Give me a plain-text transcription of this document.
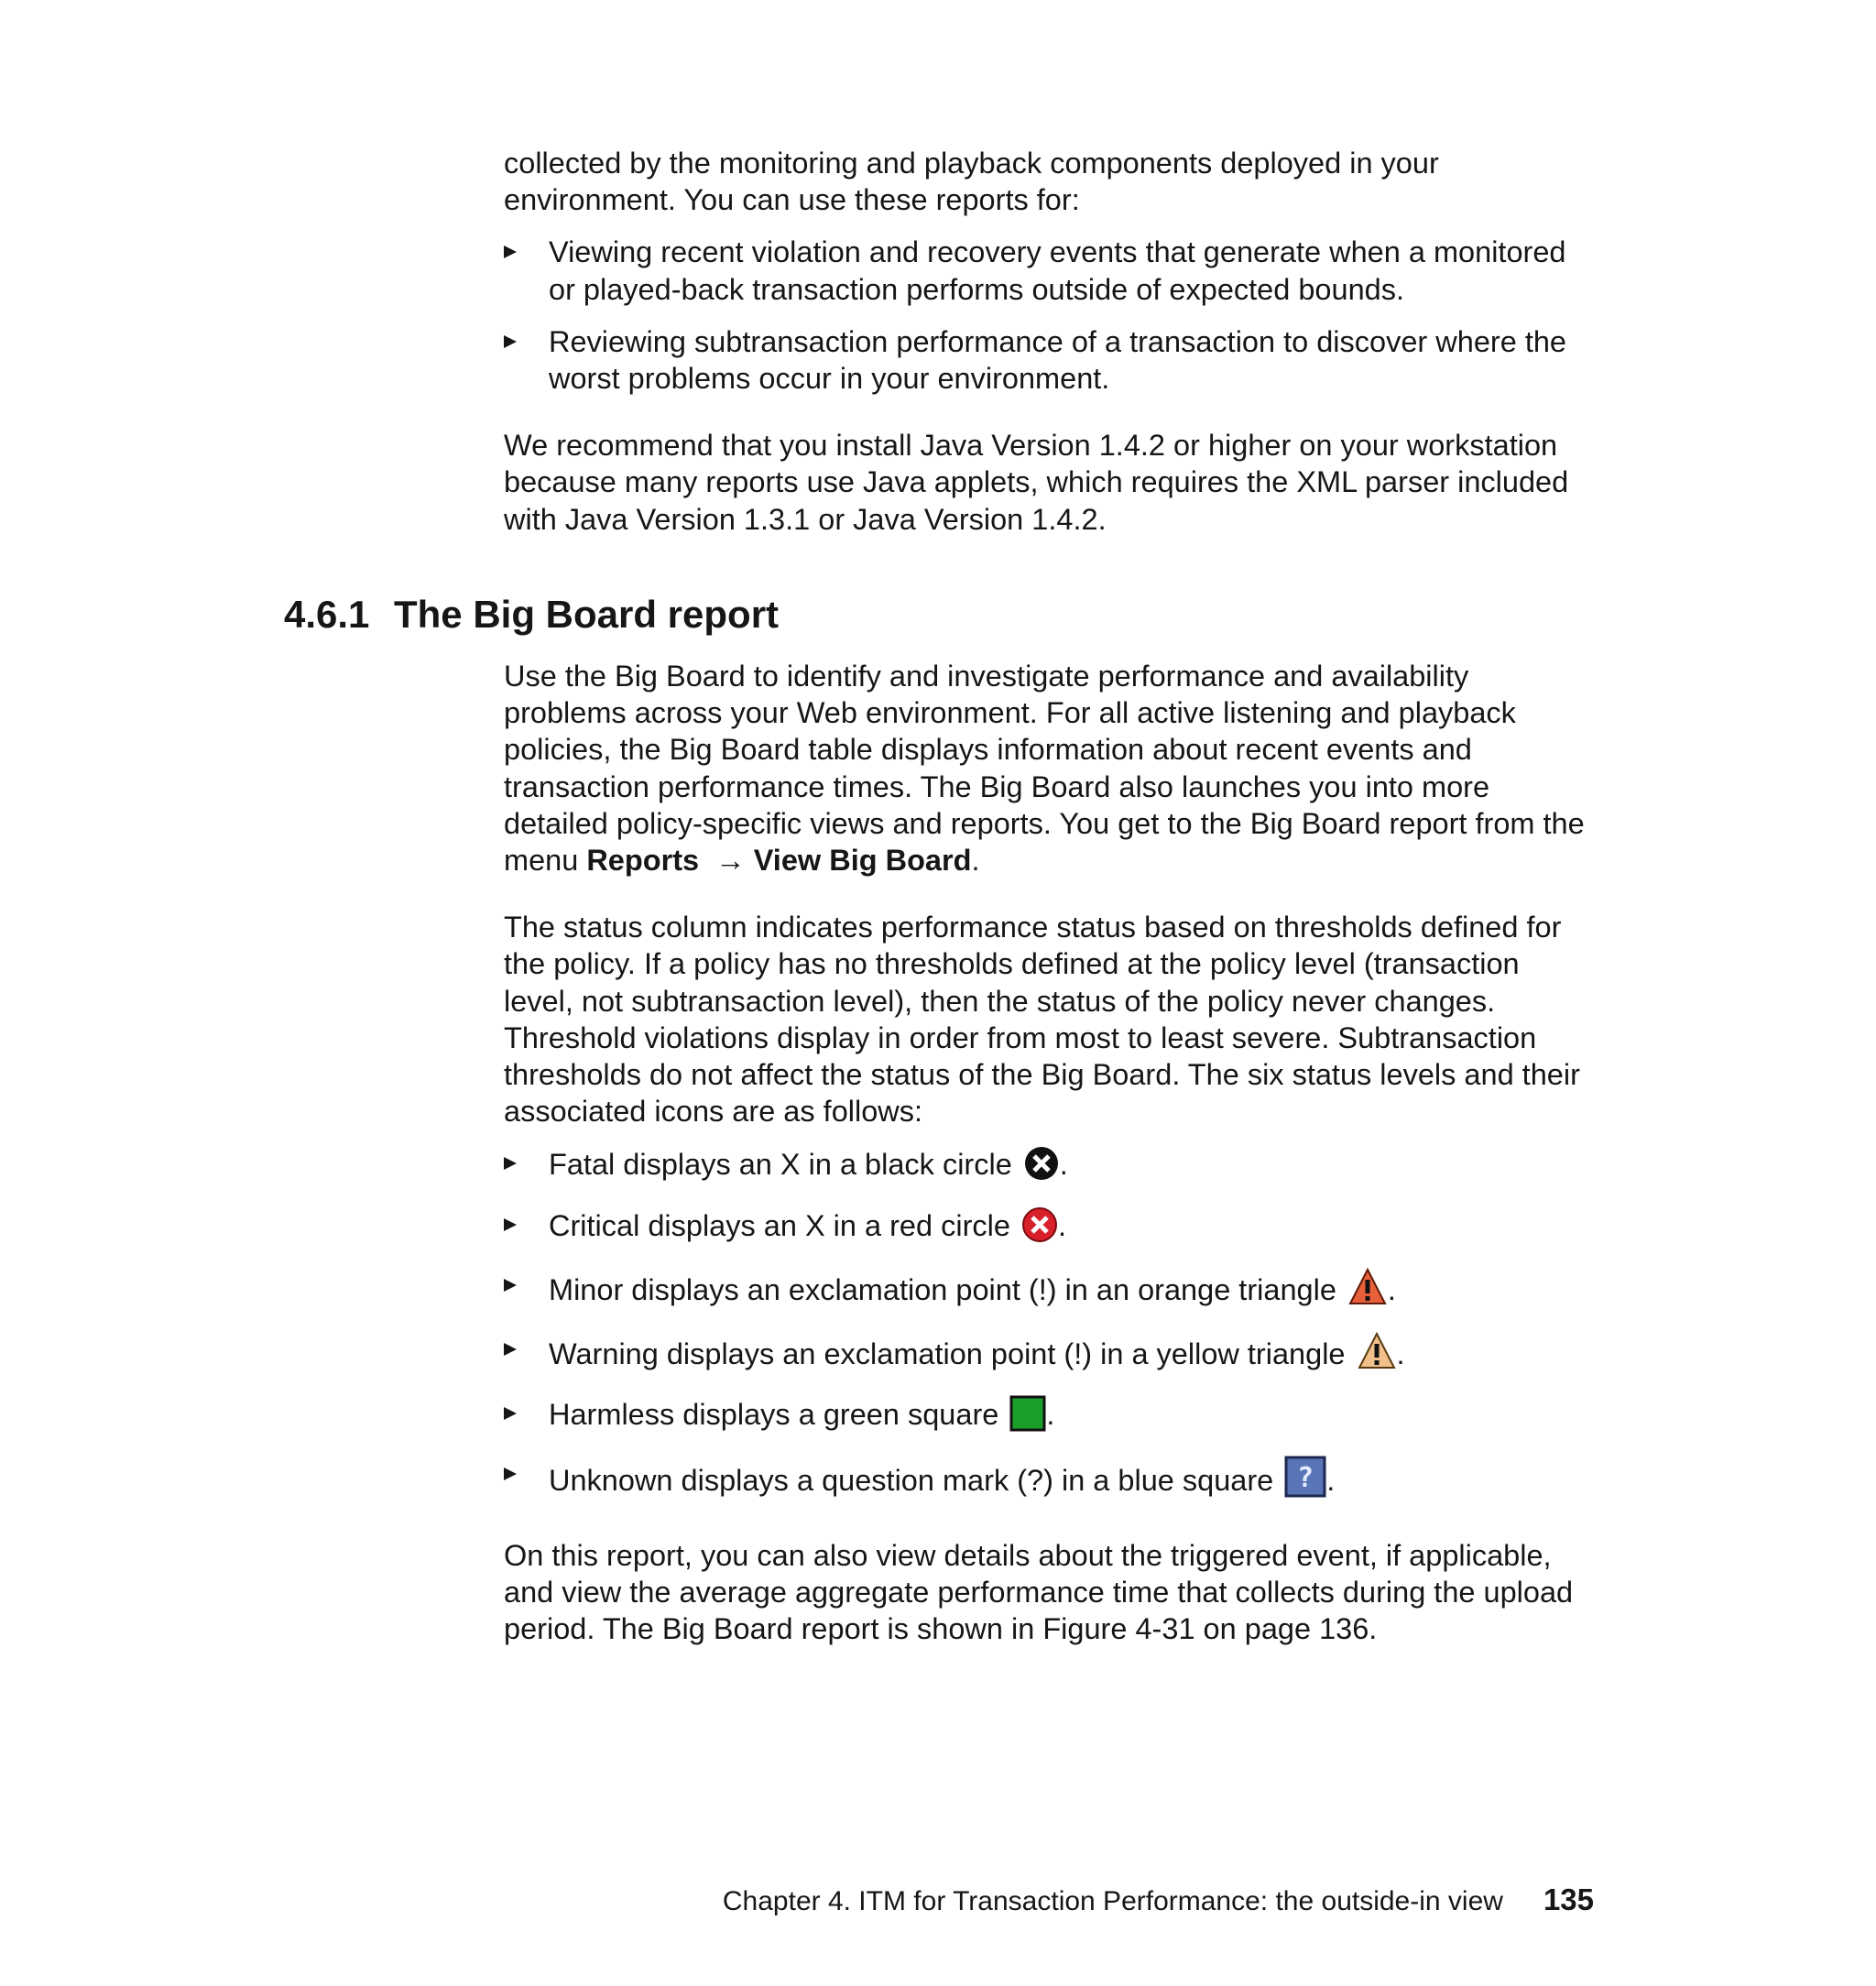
collected by the monitoring and playback components deployed in your environment. You can use these reports for:

Viewing recent violation and recovery events that generate when a monitored or played-back transaction performs outside of expected bounds.
Reviewing subtransaction performance of a transaction to discover where the worst problems occur in your environment.

We recommend that you install Java Version 1.4.2 or higher on your workstation because many reports use Java applets, which requires the XML parser included with Java Version 1.3.1 or Java Version 1.4.2.

4.6.1 The Big Board report

Use the Big Board to identify and investigate performance and availability problems across your Web environment. For all active listening and playback policies, the Big Board table displays information about recent events and transaction performance times. The Big Board also launches you into more detailed policy-specific views and reports. You get to the Big Board report from the menu Reports → View Big Board.

The status column indicates performance status based on thresholds defined for the policy. If a policy has no thresholds defined at the policy level (transaction level, not subtransaction level), then the status of the policy never changes. Threshold violations display in order from most to least severe. Subtransaction thresholds do not affect the status of the Big Board. The six status levels and their associated icons are as follows:

Fatal displays an X in a black circle .
Critical displays an X in a red circle .
Minor displays an exclamation point (!) in an orange triangle .
Warning displays an exclamation point (!) in a yellow triangle .
Harmless displays a green square .
Unknown displays a question mark (?) in a blue square ? .

On this report, you can also view details about the triggered event, if applicable, and view the average aggregate performance time that collects during the upload period. The Big Board report is shown in Figure 4-31 on page 136.

Chapter 4. ITM for Transaction Performance: the outside-in view 135
